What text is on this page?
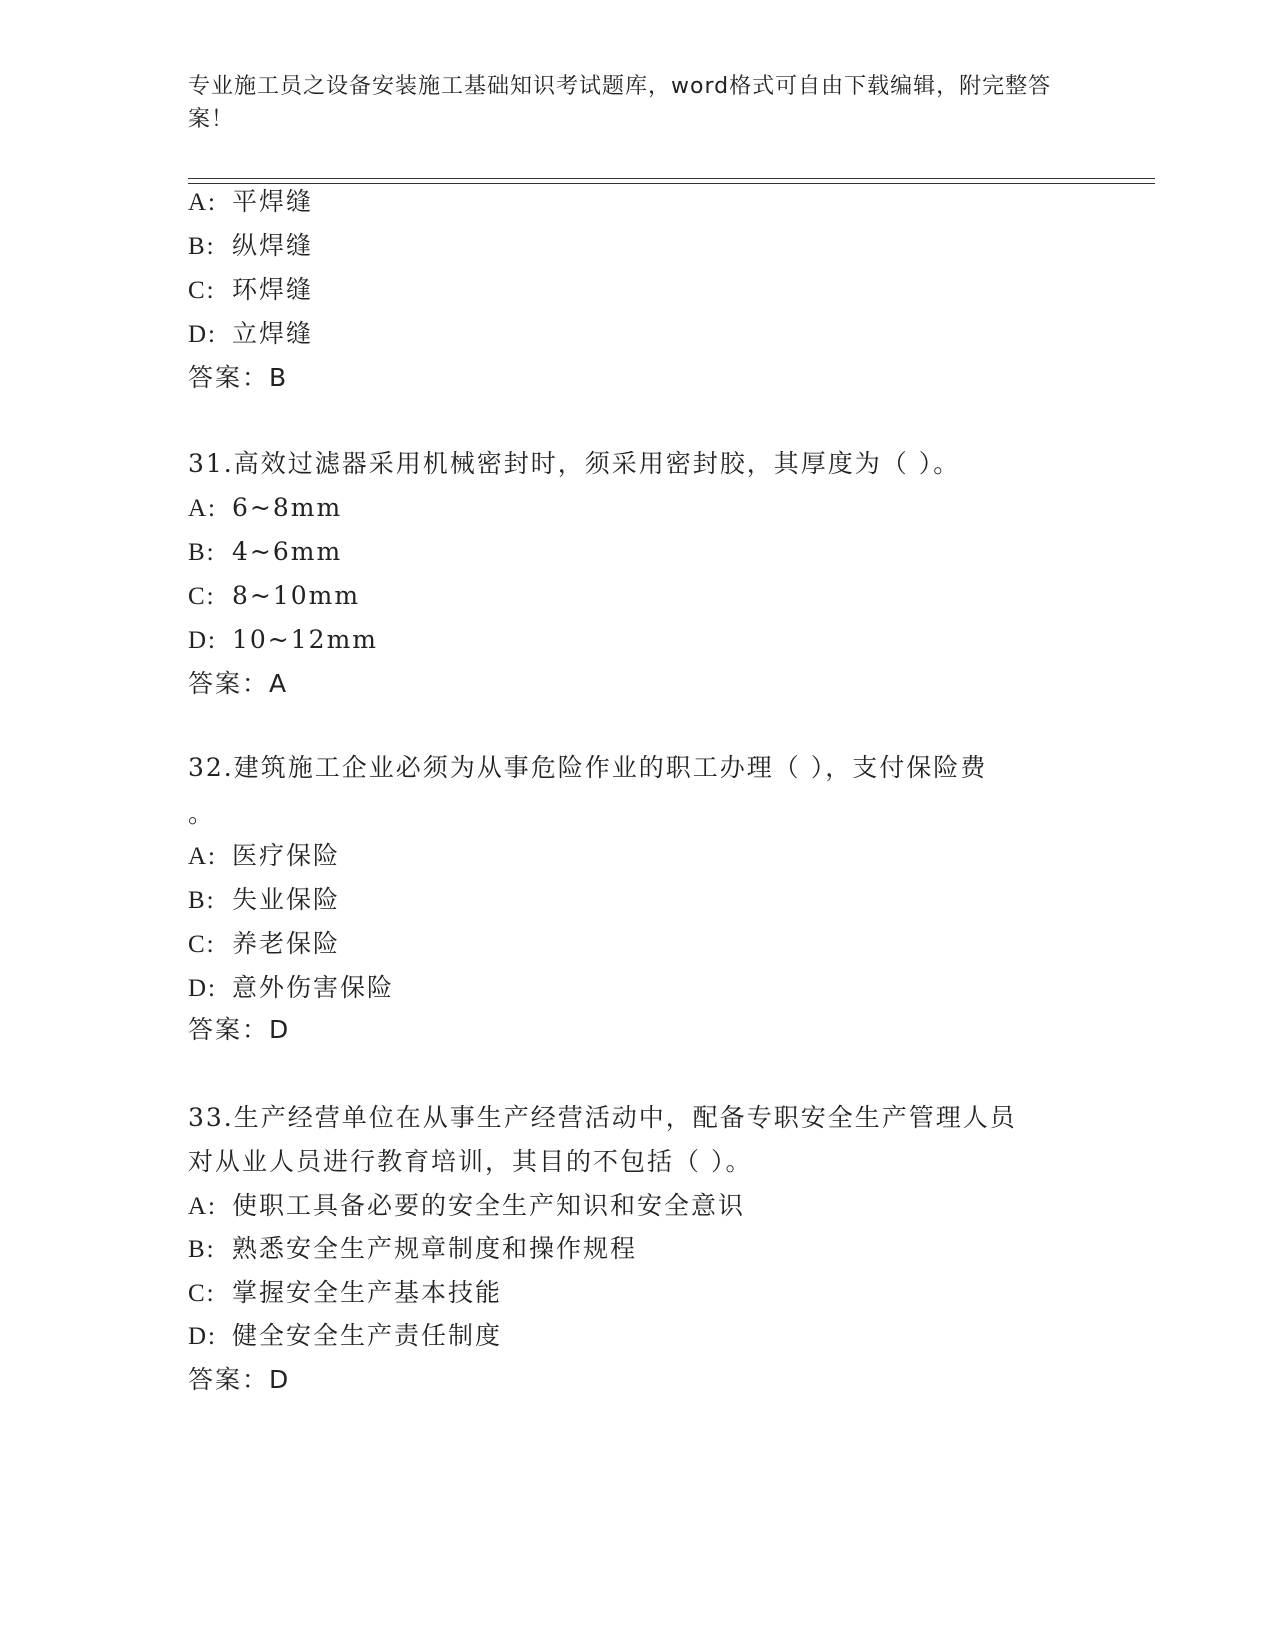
专业施工员之设备安装施工基础知识考试题库，word格式可自由下载编辑，附完整答案！
A: 平焊缝
B: 纵焊缝
C: 环焊缝
D: 立焊缝
答案：B
31.高效过滤器采用机械密封时，须采用密封胶，其厚度为（ ）。
A: 6~8mm
B: 4~6mm
C: 8~10mm
D: 10~12mm
答案：A
32.建筑施工企业必须为从事危险作业的职工办理（ ），支付保险费
。
A: 医疗保险
B: 失业保险
C: 养老保险
D: 意外伤害保险
答案：D
33.生产经营单位在从事生产经营活动中，配备专职安全生产管理人员
对从业人员进行教育培训，其目的不包括（ ）。
A: 使职工具备必要的安全生产知识和安全意识
B: 熟悉安全生产规章制度和操作规程
C: 掌握安全生产基本技能
D: 健全安全生产责任制度
答案：D
